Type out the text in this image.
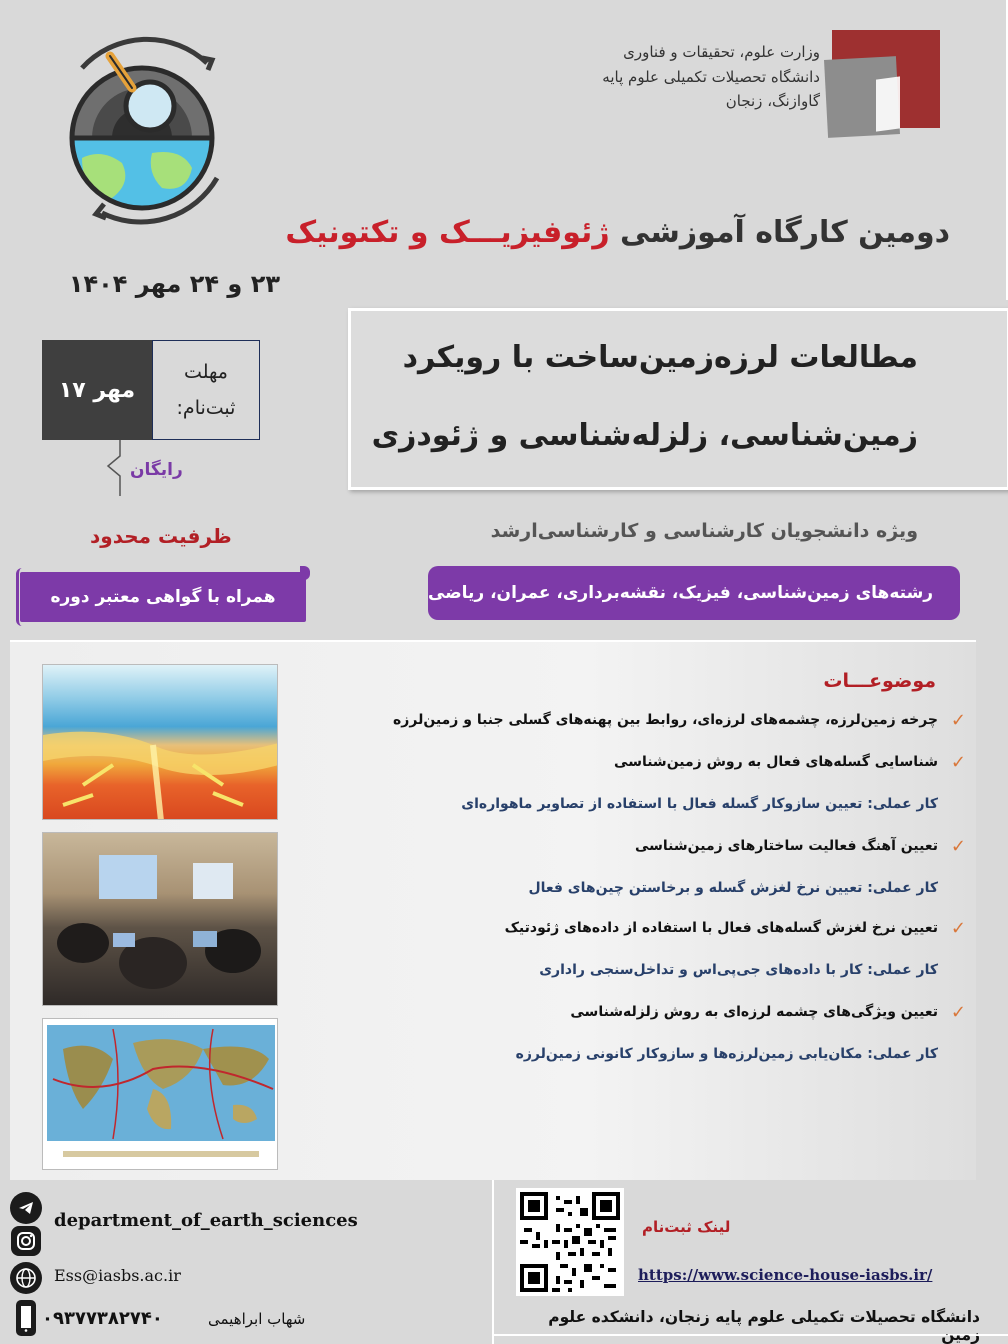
وزارت علوم، تحقیقات و فناوری
دانشگاه تحصیلات تکمیلی علوم پایه
گاوازنگ، زنجان
دومین کارگاه آموزشی ژئوفیزیـــک و تکتونیک
۲۳ و ۲۴ مهر ۱۴۰۴
۱۷ مهر
مهلت ثبت‌نام:
رایگان
ظرفیت محدود
همراه با گواهی معتبر دوره
مطالعات لرزه‌زمین‌ساخت با رویکرد
زمین‌شناسی، زلزله‌شناسی و ژئودزی
ویژه دانشجویان کارشناسی و کارشناسی‌ارشد
رشته‌های زمین‌شناسی، فیزیک، نقشه‌برداری، عمران، ریاضی
موضوعـــات
✓
چرخه زمین‌لرزه، چشمه‌های لرزه‌ای، روابط بین پهنه‌های گسلی جنبا و زمین‌لرزه
✓
شناسایی گسله‌های فعال به روش زمین‌شناسی
کار عملی: تعیین سازوکار گسله فعال با استفاده از تصاویر ماهواره‌ای
✓
تعیین آهنگ فعالیت ساختارهای زمین‌شناسی
کار عملی: تعیین نرخ لغزش گسله و برخاستن چین‌های فعال
✓
تعیین نرخ لغزش گسله‌های فعال با استفاده از داده‌های ژئودتیک
کار عملی: کار با داده‌های جی‌پی‌اس و تداخل‌سنجی راداری
✓
تعیین ویژگی‌های چشمه لرزه‌ای به روش زلزله‌شناسی
کار عملی: مکان‌یابی زمین‌لرزه‌ها و سازوکار کانونی زمین‌لرزه
department_of_earth_sciences
Ess@iasbs.ac.ir
۰۹۳۷۷۳۸۲۷۴۰	شهاب ابراهیمی
لینک ثبت‌نام
https://www.science-house-iasbs.ir/
دانشگاه تحصیلات تکمیلی علوم پایه زنجان، دانشکده علوم زمین
